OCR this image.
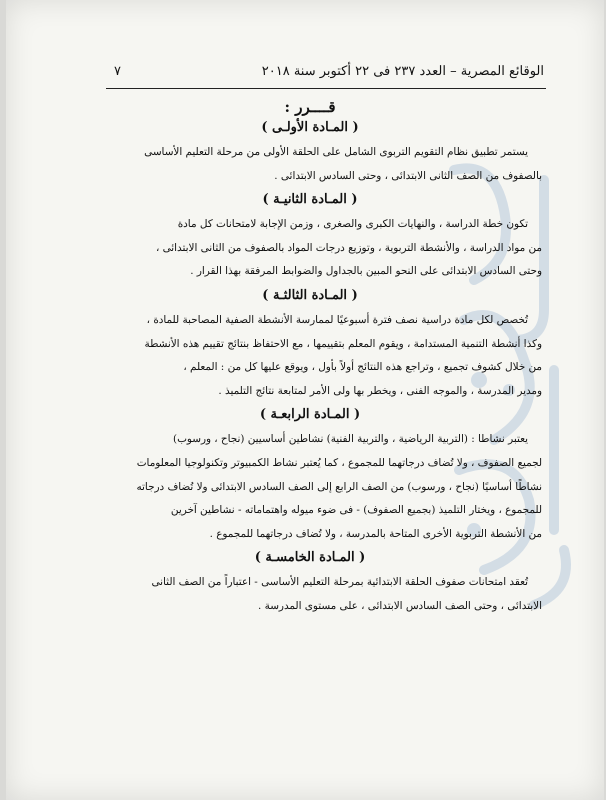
٧	الوقائع المصرية – العدد ٢٣٧ فى ٢٢ أكتوبر سنة ٢٠١٨
قــــرر :
( المـادة الأولـى )
يستمر تطبيق نظام التقويم التربوى الشامل على الحلقة الأولى من مرحلة التعليم الأساسى
بالصفوف من الصف الثانى الابتدائى ، وحتى السادس الابتدائى .
( المـادة الثانيـة )
تكون خطة الدراسة ، والنهايات الكبرى والصغرى ، وزمن الإجابة لامتحانات كل مادة
من مواد الدراسة ، والأنشطة التربوية ، وتوزيع درجات المواد بالصفوف من الثانى الابتدائى ،
وحتى السادس الابتدائى على النحو المبين بالجداول والضوابط المرفقة بهذا القرار .
( المـادة الثالثـة )
تُخصص لكل مادة دراسية نصف فترة أسبوعيًا لممارسة الأنشطة الصفية المصاحبة للمادة ،
وكذا أنشطة التنمية المستدامة ، ويقوم المعلم بتقييمها ، مع الاحتفاظ بنتائج تقييم هذه الأنشطة
من خلال كشوف تجميع ، وتراجع هذه النتائج أولاً بأول ، ويوقع عليها كل من : المعلم ،
ومدير المدرسة ، والموجه الفنى ، ويخطر بها ولى الأمر لمتابعة نتائج التلميذ .
( المـادة الرابعـة )
يعتبر نشاطا : (التربية الرياضية ، والتربية الفنية) نشاطين أساسيين (نجاح ، ورسوب)
لجميع الصفوف ، ولا تُضاف درجاتهما للمجموع ، كما يُعتبر نشاط الكمبيوتر وتكنولوجيا المعلومات
نشاطًا أساسيًا (نجاح ، ورسوب) من الصف الرابع إلى الصف السادس الابتدائى ولا تُضاف درجاته
للمجموع ، ويختار التلميذ (بجميع الصفوف) - فى ضوء ميوله واهتماماته - نشاطين آخرين
من الأنشطة التربوية الأخرى المتاحة بالمدرسة ، ولا تُضاف درجاتهما للمجموع .
( المـادة الخامسـة )
تُعقد امتحانات صفوف الحلقة الابتدائية بمرحلة التعليم الأساسى - اعتباراً من الصف الثانى
الابتدائى ، وحتى الصف السادس الابتدائى ، على مستوى المدرسة .
